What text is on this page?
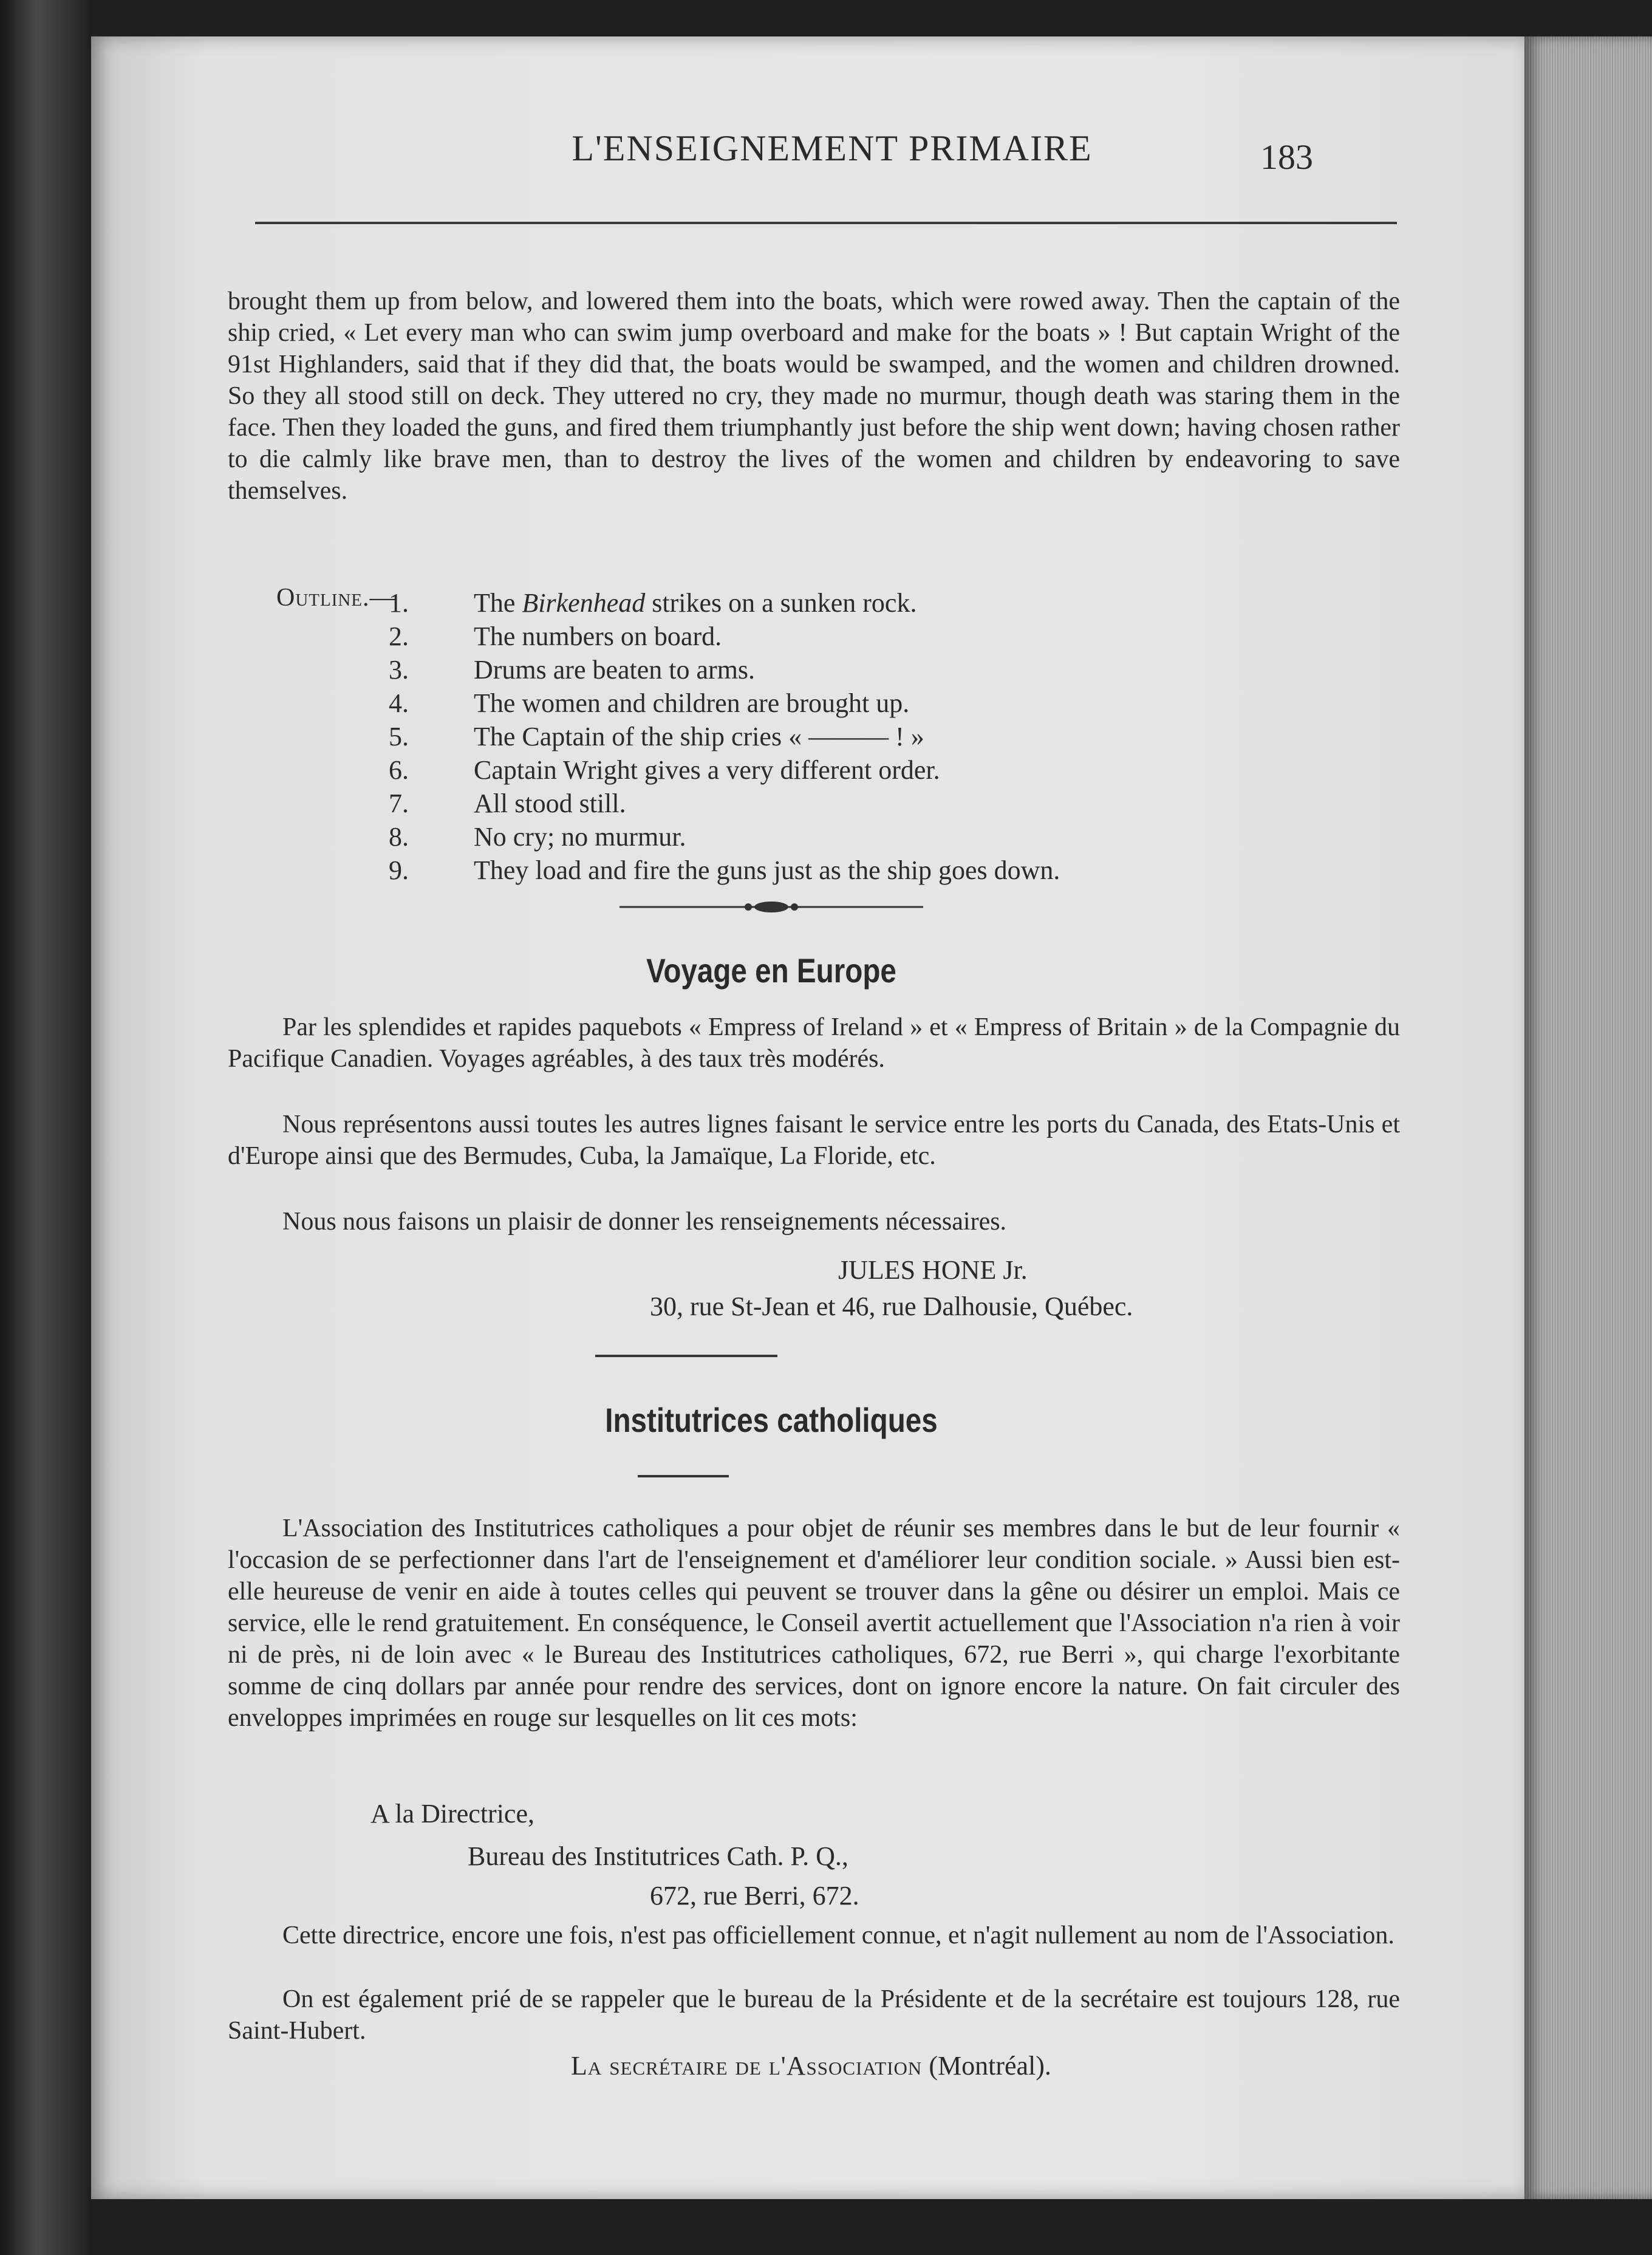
L'ENSEIGNEMENT PRIMAIRE	183
brought them up from below, and lowered them into the boats, which were rowed away. Then the captain of the ship cried, « Let every man who can swim jump overboard and make for the boats » ! But captain Wright of the 91st Highlanders, said that if they did that, the boats would be swamped, and the women and children drowned. So they all stood still on deck. They uttered no cry, they made no murmur, though death was staring them in the face. Then they loaded the guns, and fired them triumphantly just before the ship went down; having chosen rather to die calmly like brave men, than to destroy the lives of the women and children by endeavoring to save themselves.
Outline.—
1.	The Birkenhead strikes on a sunken rock.
2.	The numbers on board.
3.	Drums are beaten to arms.
4.	The women and children are brought up.
5.	The Captain of the ship cries « ——— ! »
6.	Captain Wright gives a very different order.
7.	All stood still.
8.	No cry; no murmur.
9.	They load and fire the guns just as the ship goes down.
Voyage en Europe
Par les splendides et rapides paquebots « Empress of Ireland » et « Empress of Britain » de la Compagnie du Pacifique Canadien. Voyages agréables, à des taux très modérés.
Nous représentons aussi toutes les autres lignes faisant le service entre les ports du Canada, des Etats-Unis et d'Europe ainsi que des Bermudes, Cuba, la Jamaïque, La Floride, etc.
Nous nous faisons un plaisir de donner les renseignements nécessaires.
JULES HONE Jr.
30, rue St-Jean et 46, rue Dalhousie, Québec.
Institutrices catholiques
L'Association des Institutrices catholiques a pour objet de réunir ses membres dans le but de leur fournir « l'occasion de se perfectionner dans l'art de l'enseignement et d'améliorer leur condition sociale. » Aussi bien est-elle heureuse de venir en aide à toutes celles qui peuvent se trouver dans la gêne ou désirer un emploi. Mais ce service, elle le rend gratuitement. En conséquence, le Conseil avertit actuellement que l'Association n'a rien à voir ni de près, ni de loin avec « le Bureau des Institutrices catholiques, 672, rue Berri », qui charge l'exorbitante somme de cinq dollars par année pour rendre des services, dont on ignore encore la nature. On fait circuler des enveloppes imprimées en rouge sur lesquelles on lit ces mots:
A la Directrice,
Bureau des Institutrices Cath. P. Q.,
672, rue Berri, 672.
Cette directrice, encore une fois, n'est pas officiellement connue, et n'agit nullement au nom de l'Association.
On est également prié de se rappeler que le bureau de la Présidente et de la secrétaire est toujours 128, rue Saint-Hubert.
La secrétaire de l'Association (Montréal).
